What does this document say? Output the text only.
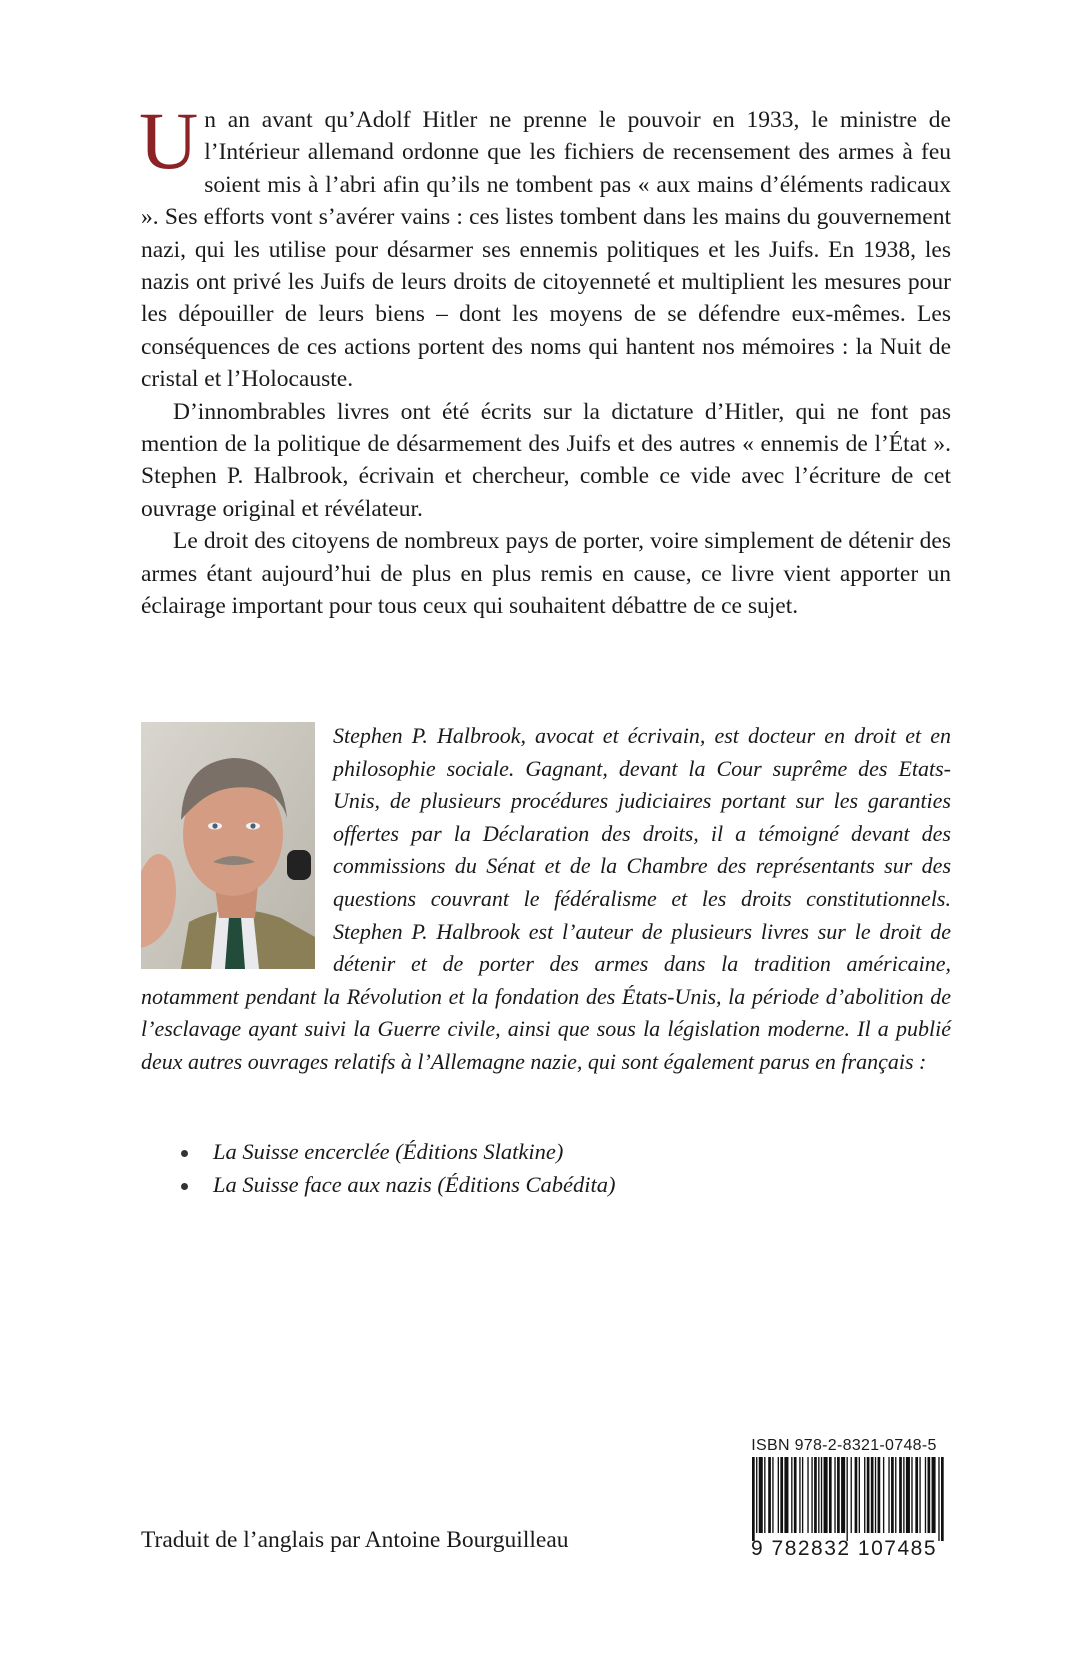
Un an avant qu’Adolf Hitler ne prenne le pouvoir en 1933, le ministre de l’Intérieur allemand ordonne que les fichiers de recensement des armes à feu soient mis à l’abri afin qu’ils ne tombent pas « aux mains d’éléments radicaux ». Ses efforts vont s’avérer vains : ces listes tombent dans les mains du gouvernement nazi, qui les utilise pour désarmer ses ennemis politiques et les Juifs. En 1938, les nazis ont privé les Juifs de leurs droits de citoyenneté et multiplient les mesures pour les dépouiller de leurs biens – dont les moyens de se défendre eux-mêmes. Les conséquences de ces actions portent des noms qui hantent nos mémoires : la Nuit de cristal et l’Holocauste.

D’innombrables livres ont été écrits sur la dictature d’Hitler, qui ne font pas mention de la politique de désarmement des Juifs et des autres « ennemis de l’État ». Stephen P. Halbrook, écrivain et chercheur, comble ce vide avec l’écriture de cet ouvrage original et révélateur.

Le droit des citoyens de nombreux pays de porter, voire simplement de détenir des armes étant aujourd’hui de plus en plus remis en cause, ce livre vient apporter un éclairage important pour tous ceux qui souhaitent débattre de ce sujet.

Stephen P. Halbrook, avocat et écrivain, est docteur en droit et en philosophie sociale. Gagnant, devant la Cour suprême des Etats-Unis, de plusieurs procédures judiciaires portant sur les garanties offertes par la Déclaration des droits, il a témoigné devant des commissions du Sénat et de la Chambre des représentants sur des questions couvrant le fédéralisme et les droits constitutionnels. Stephen P. Halbrook est l’auteur de plusieurs livres sur le droit de détenir et de porter des armes dans la tradition américaine, notamment pendant la Révolution et la fondation des États-Unis, la période d’abolition de l’esclavage ayant suivi la Guerre civile, ainsi que sous la législation moderne. Il a publié deux autres ouvrages relatifs à l’Allemagne nazie, qui sont également parus en français :

La Suisse encerclée (Éditions Slatkine)
La Suisse face aux nazis (Éditions Cabédita)
Traduit de l’anglais par Antoine Bourguilleau
ISBN 978-2-8321-0748-5
9 782832 107485
